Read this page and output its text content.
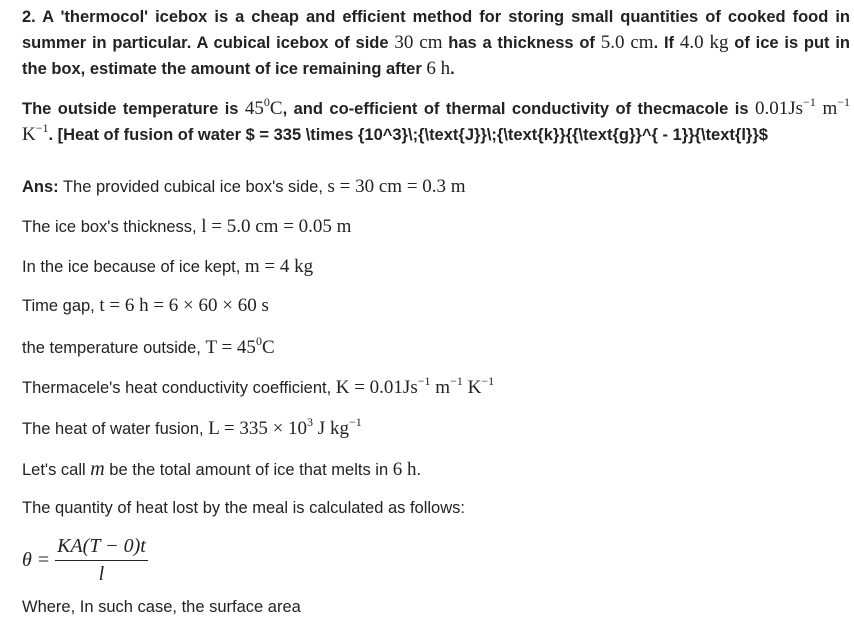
2. A 'thermocol' icebox is a cheap and efficient method for storing small quantities of cooked food in summer in particular. A cubical icebox of side 30 cm has a thickness of 5.0 cm. If 4.0 kg of ice is put in the box, estimate the amount of ice remaining after 6 h.

The outside temperature is $45^0C$, and co-efficient of thermal conductivity of thecmacole is $0.01Js^{-1}$ $m^{-1}$ $K^{-1}$. [Heat of fusion of water $ = 335 \times {10^3}\;{\text{J}}\;{\text{k}}{{\text{g}}^{ - 1}}{\text{l}}$

Ans: The provided cubical ice box's side, s = 30 cm = 0.3 m
The ice box's thickness, l = 5.0 cm = 0.05 m
In the ice because of ice kept, m = 4 kg
Time gap, t = 6 h = 6 × 60 × 60 s
the temperature outside, $T = 45^0C$
Thermacele's heat conductivity coefficient, $K = 0.01Js^{-1}$ $m^{-1}$ $K^{-1}$
The heat of water fusion, $L = 335 \times 10^3$ J $kg^{-1}$
Let's call m be the total amount of ice that melts in 6 h.
The quantity of heat lost by the meal is calculated as follows:
$\theta = \frac{KA(T - 0)t}{l}$
Where, In such case, the surface area
